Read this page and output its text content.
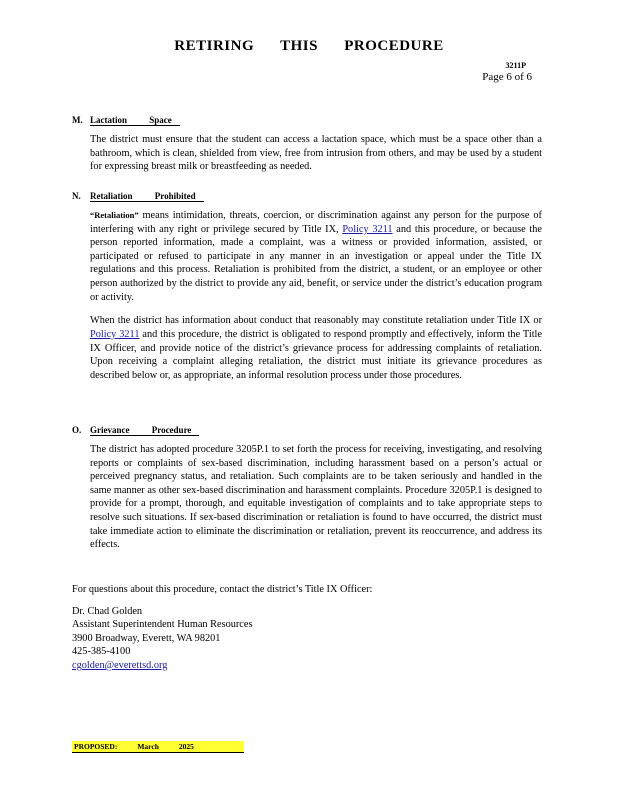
RETIRING THIS PROCEDURE
3211P
Page 6 of 6
M. Lactation Space

The district must ensure that the student can access a lactation space, which must be a space other than a bathroom, which is clean, shielded from view, free from intrusion from others, and may be used by a student for expressing breast milk or breastfeeding as needed.

N. Retaliation Prohibited

“Retaliation” means intimidation, threats, coercion, or discrimination against any person for the purpose of interfering with any right or privilege secured by Title IX, Policy 3211 and this procedure, or because the person reported information, made a complaint, was a witness or provided information, assisted, or participated or refused to participate in any manner in an investigation or appeal under the Title IX regulations and this process. Retaliation is prohibited from the district, a student, or an employee or other person authorized by the district to provide any aid, benefit, or service under the district’s education program or activity.

When the district has information about conduct that reasonably may constitute retaliation under Title IX or Policy 3211 and this procedure, the district is obligated to respond promptly and effectively, inform the Title IX Officer, and provide notice of the district’s grievance process for addressing complaints of retaliation. Upon receiving a complaint alleging retaliation, the district must initiate its grievance procedures as described below or, as appropriate, an informal resolution process under those procedures.

O. Grievance Procedure

The district has adopted procedure 3205P.1 to set forth the process for receiving, investigating, and resolving reports or complaints of sex-based discrimination, including harassment based on a person’s actual or perceived pregnancy status, and retaliation. Such complaints are to be taken seriously and handled in the same manner as other sex-based discrimination and harassment complaints. Procedure 3205P.1 is designed to provide for a prompt, thorough, and equitable investigation of complaints and to take appropriate steps to resolve such situations. If sex-based discrimination or retaliation is found to have occurred, the district must take immediate action to eliminate the discrimination or retaliation, prevent its reoccurrence, and address its effects.

For questions about this procedure, contact the district’s Title IX Officer:
Dr. Chad Golden
Assistant Superintendent Human Resources
3900 Broadway, Everett, WA 98201
425-385-4100
cgolden@everettsd.org
PROPOSED:	March	2025
